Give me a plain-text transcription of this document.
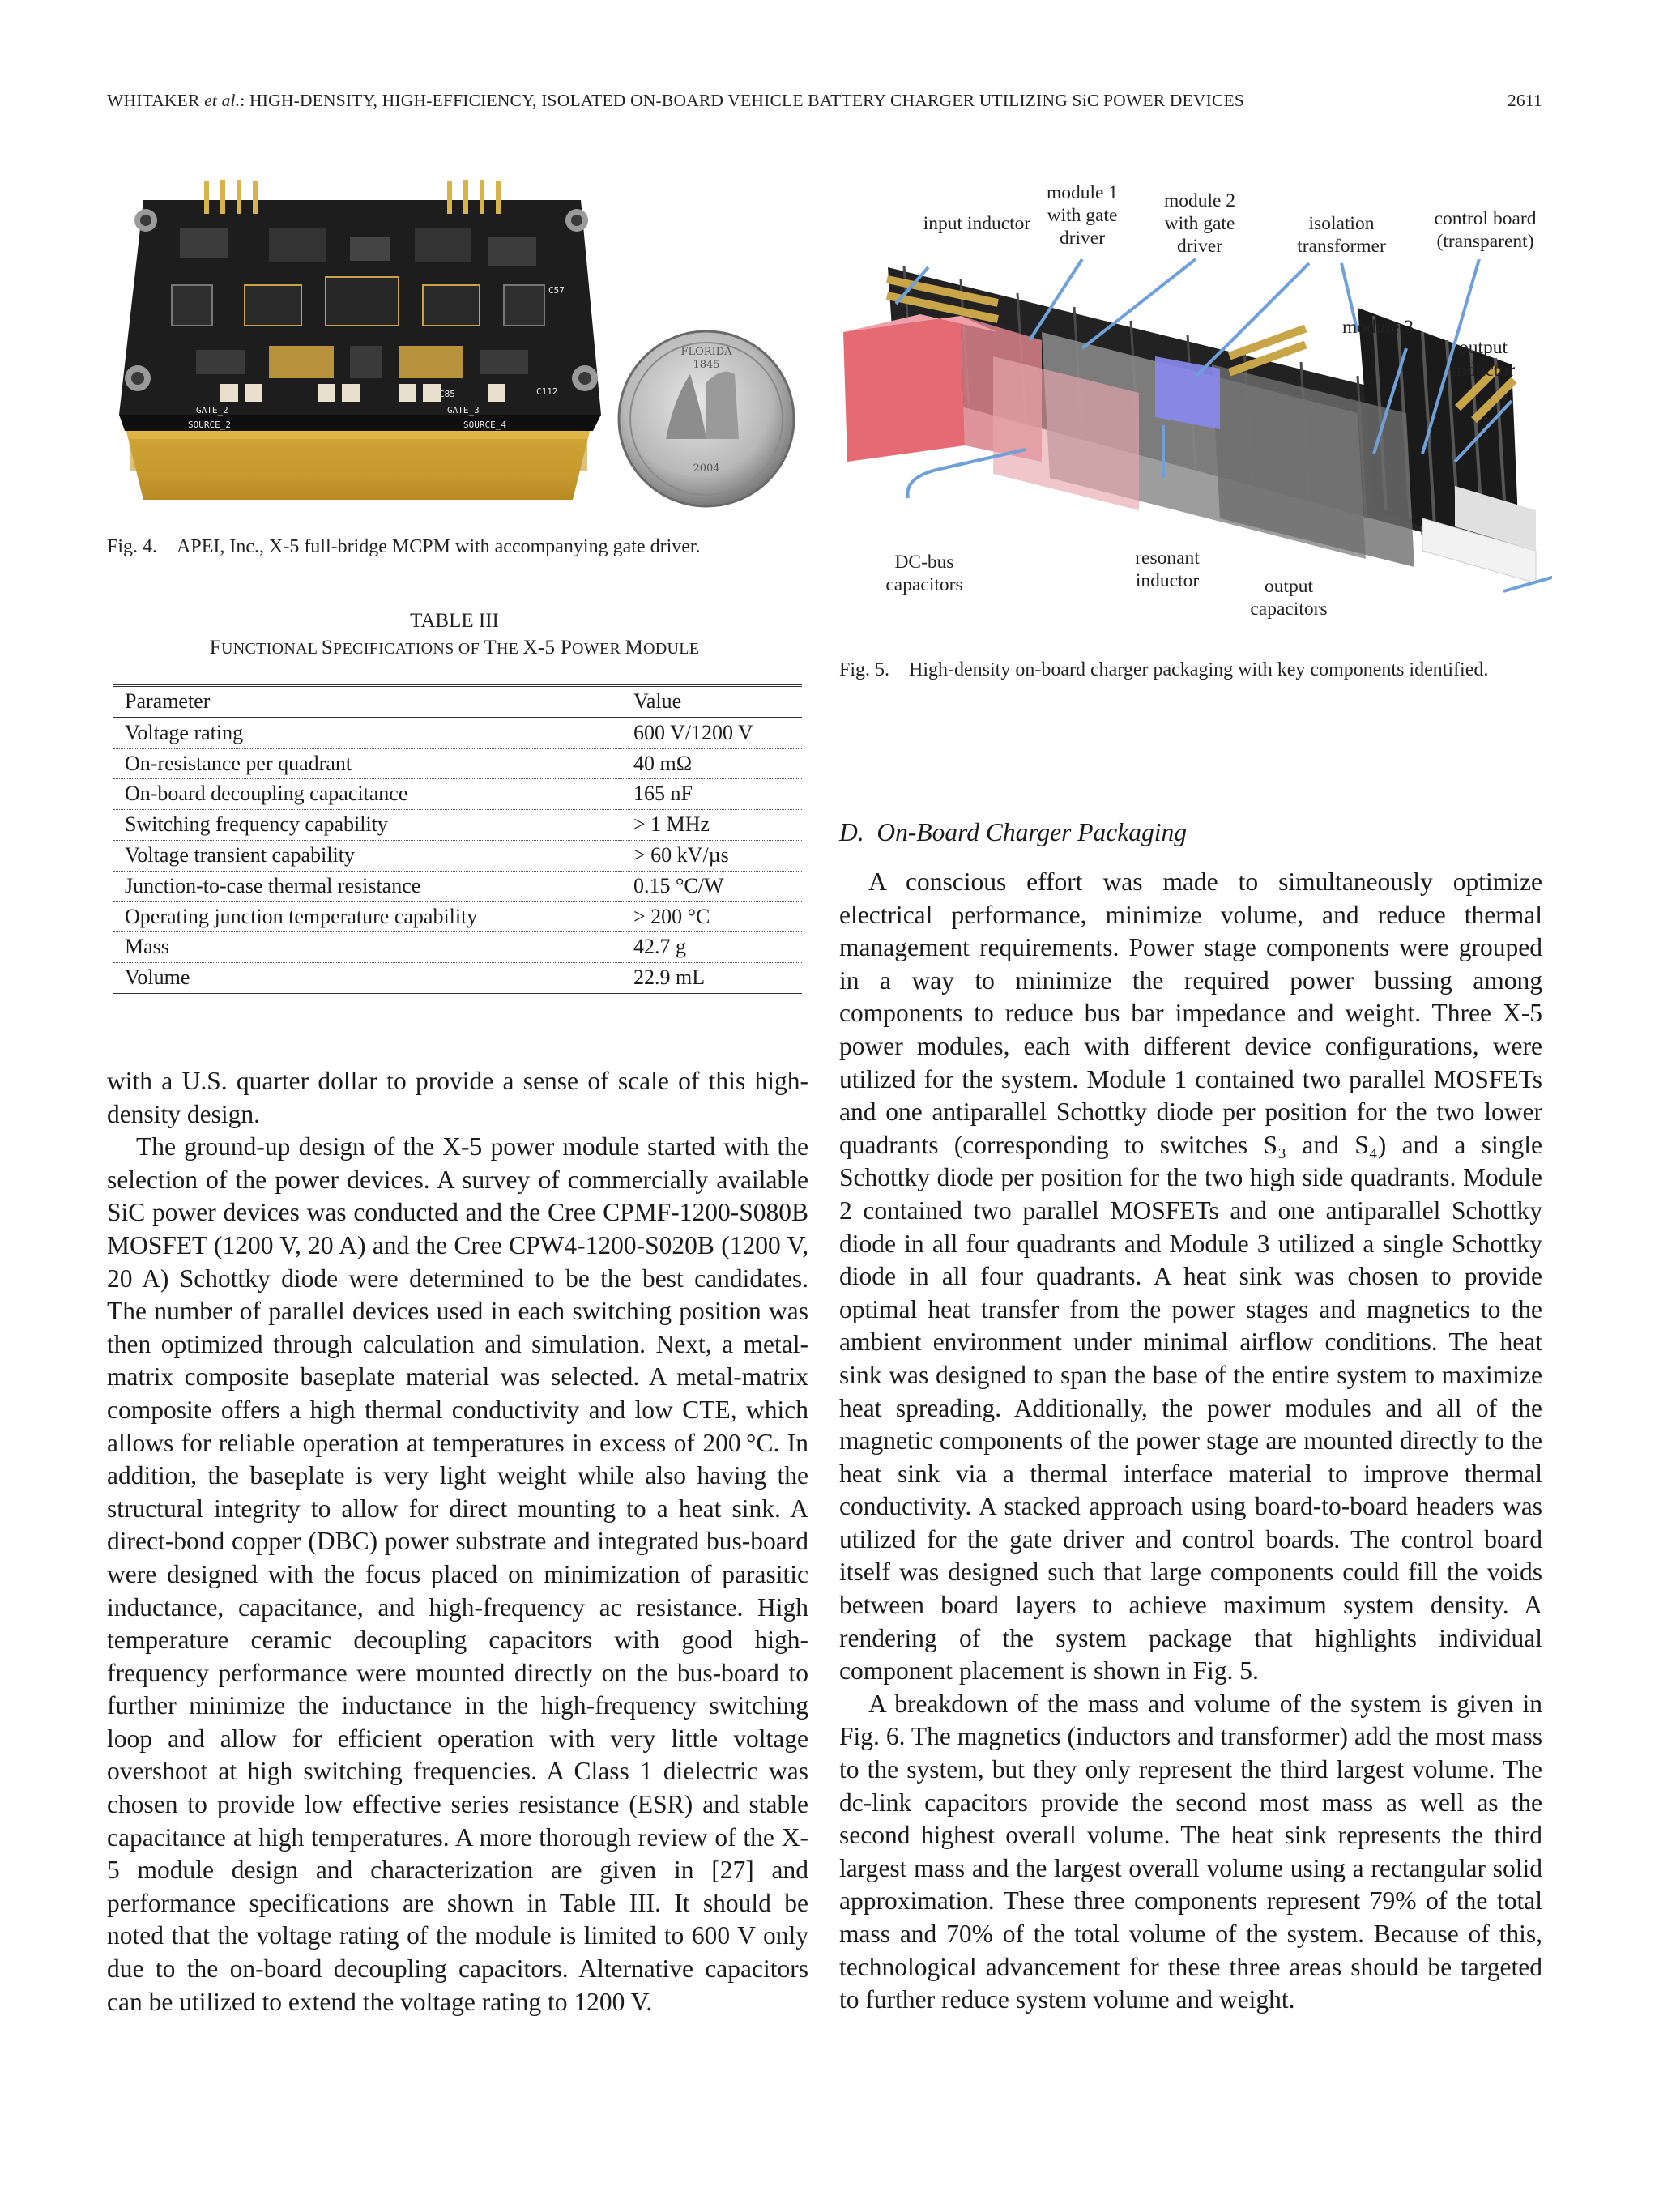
WHITAKER et al.: HIGH-DENSITY, HIGH-EFFICIENCY, ISOLATED ON-BOARD VEHICLE BATTERY CHARGER UTILIZING SiC POWER DEVICES	2611
GATE_2
SOURCE_2
GATE_3
SOURCE_4
C112
C85
C57
FLORIDA
1845
2004
Fig. 4. APEI, Inc., X-5 full-bridge MCPM with accompanying gate driver.
TABLE III
FUNCTIONAL SPECIFICATIONS OF THE X-5 POWER MODULE
Parameter	Value
Voltage rating	600 V/1200 V
On-resistance per quadrant	40 mΩ
On-board decoupling capacitance	165 nF
Switching frequency capability	> 1 MHz
Voltage transient capability	> 60 kV/µs
Junction-to-case thermal resistance	0.15 °C/W
Operating junction temperature capability	> 200 °C
Mass	42.7 g
Volume	22.9 mL

with a U.S. quarter dollar to provide a sense of scale of this high-density design.

The ground-up design of the X-5 power module started with the selection of the power devices. A survey of commercially available SiC power devices was conducted and the Cree CPMF-1200-S080B MOSFET (1200 V, 20 A) and the Cree CPW4-1200-S020B (1200 V, 20 A) Schottky diode were determined to be the best candidates. The number of parallel devices used in each switching position was then optimized through calculation and simulation. Next, a metal-matrix composite baseplate material was selected. A metal-matrix composite offers a high thermal conductivity and low CTE, which allows for reliable operation at temperatures in excess of 200 °C. In addition, the baseplate is very light weight while also having the structural integrity to allow for direct mounting to a heat sink. A direct-bond copper (DBC) power substrate and integrated bus-board were designed with the focus placed on minimization of parasitic inductance, capacitance, and high-frequency ac resistance. High temperature ceramic decoupling capacitors with good high-frequency performance were mounted directly on the bus-board to further minimize the inductance in the high-frequency switching loop and allow for efficient operation with very little voltage overshoot at high switching frequencies. A Class 1 dielectric was chosen to provide low effective series resistance (ESR) and stable capacitance at high temperatures. A more thorough review of the X-5 module design and characterization are given in [27] and performance specifications are shown in Table III. It should be noted that the voltage rating of the module is limited to 600 V only due to the on-board decoupling capacitors. Alternative capacitors can be utilized to extend the voltage rating to 1200 V.

input inductor
module 1 with gate driver
module 2 with gate driver
isolation transformer
control board (transparent)
module 3
output inductor
DC-bus capacitors
resonant inductor	output capacitors
Fig. 5. High-density on-board charger packaging with key components identified.
D. On-Board Charger Packaging

A conscious effort was made to simultaneously optimize electrical performance, minimize volume, and reduce thermal management requirements. Power stage components were grouped in a way to minimize the required power bussing among components to reduce bus bar impedance and weight. Three X-5 power modules, each with different device configurations, were utilized for the system. Module 1 contained two parallel MOSFETs and one antiparallel Schottky diode per position for the two lower quadrants (corresponding to switches S₃ and S₄) and a single Schottky diode per position for the two high side quadrants. Module 2 contained two parallel MOSFETs and one antiparallel Schottky diode in all four quadrants and Module 3 utilized a single Schottky diode in all four quadrants. A heat sink was chosen to provide optimal heat transfer from the power stages and magnetics to the ambient environment under minimal airflow conditions. The heat sink was designed to span the base of the entire system to maximize heat spreading. Additionally, the power modules and all of the magnetic components of the power stage are mounted directly to the heat sink via a thermal interface material to improve thermal conductivity. A stacked approach using board-to-board headers was utilized for the gate driver and control boards. The control board itself was designed such that large components could fill the voids between board layers to achieve maximum system density. A rendering of the system package that highlights individual component placement is shown in Fig. 5.

A breakdown of the mass and volume of the system is given in Fig. 6. The magnetics (inductors and transformer) add the most mass to the system, but they only represent the third largest volume. The dc-link capacitors provide the second most mass as well as the second highest overall volume. The heat sink represents the third largest mass and the largest overall volume using a rectangular solid approximation. These three components represent 79% of the total mass and 70% of the total volume of the system. Because of this, technological advancement for these three areas should be targeted to further reduce system volume and weight.
